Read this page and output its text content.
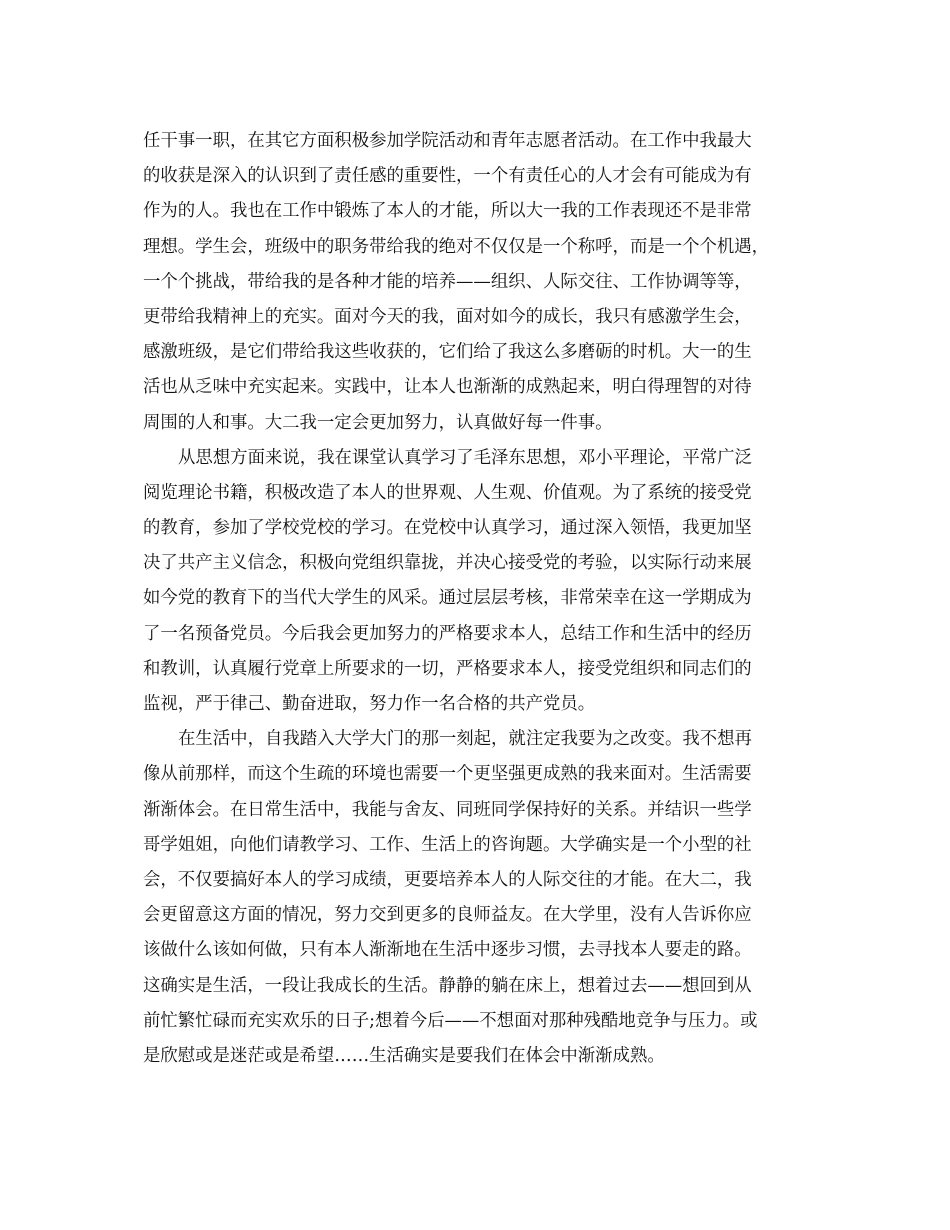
任干事一职，在其它方面积极参加学院活动和青年志愿者活动。在工作中我最大
的收获是深入的认识到了责任感的重要性，一个有责任心的人才会有可能成为有
作为的人。我也在工作中锻炼了本人的才能，所以大一我的工作表现还不是非常
理想。学生会，班级中的职务带给我的绝对不仅仅是一个称呼，而是一个个机遇，
一个个挑战，带给我的是各种才能的培养——组织、人际交往、工作协调等等，
更带给我精神上的充实。面对今天的我，面对如今的成长，我只有感激学生会，
感激班级，是它们带给我这些收获的，它们给了我这么多磨砺的时机。大一的生
活也从乏味中充实起来。实践中，让本人也渐渐的成熟起来，明白得理智的对待
周围的人和事。大二我一定会更加努力，认真做好每一件事。
从思想方面来说，我在课堂认真学习了毛泽东思想，邓小平理论，平常广泛
阅览理论书籍，积极改造了本人的世界观、人生观、价值观。为了系统的接受党
的教育，参加了学校党校的学习。在党校中认真学习，通过深入领悟，我更加坚
决了共产主义信念，积极向党组织靠拢，并决心接受党的考验，以实际行动来展
如今党的教育下的当代大学生的风采。通过层层考核，非常荣幸在这一学期成为
了一名预备党员。今后我会更加努力的严格要求本人，总结工作和生活中的经历
和教训，认真履行党章上所要求的一切，严格要求本人，接受党组织和同志们的
监视，严于律己、勤奋进取，努力作一名合格的共产党员。
在生活中，自我踏入大学大门的那一刻起，就注定我要为之改变。我不想再
像从前那样，而这个生疏的环境也需要一个更坚强更成熟的我来面对。生活需要
渐渐体会。在日常生活中，我能与舍友、同班同学保持好的关系。并结识一些学
哥学姐姐，向他们请教学习、工作、生活上的咨询题。大学确实是一个小型的社
会，不仅要搞好本人的学习成绩，更要培养本人的人际交往的才能。在大二，我
会更留意这方面的情况，努力交到更多的良师益友。在大学里，没有人告诉你应
该做什么该如何做，只有本人渐渐地在生活中逐步习惯，去寻找本人要走的路。
这确实是生活，一段让我成长的生活。静静的躺在床上，想着过去——想回到从
前忙繁忙碌而充实欢乐的日子;想着今后——不想面对那种残酷地竞争与压力。或
是欣慰或是迷茫或是希望……生活确实是要我们在体会中渐渐成熟。
